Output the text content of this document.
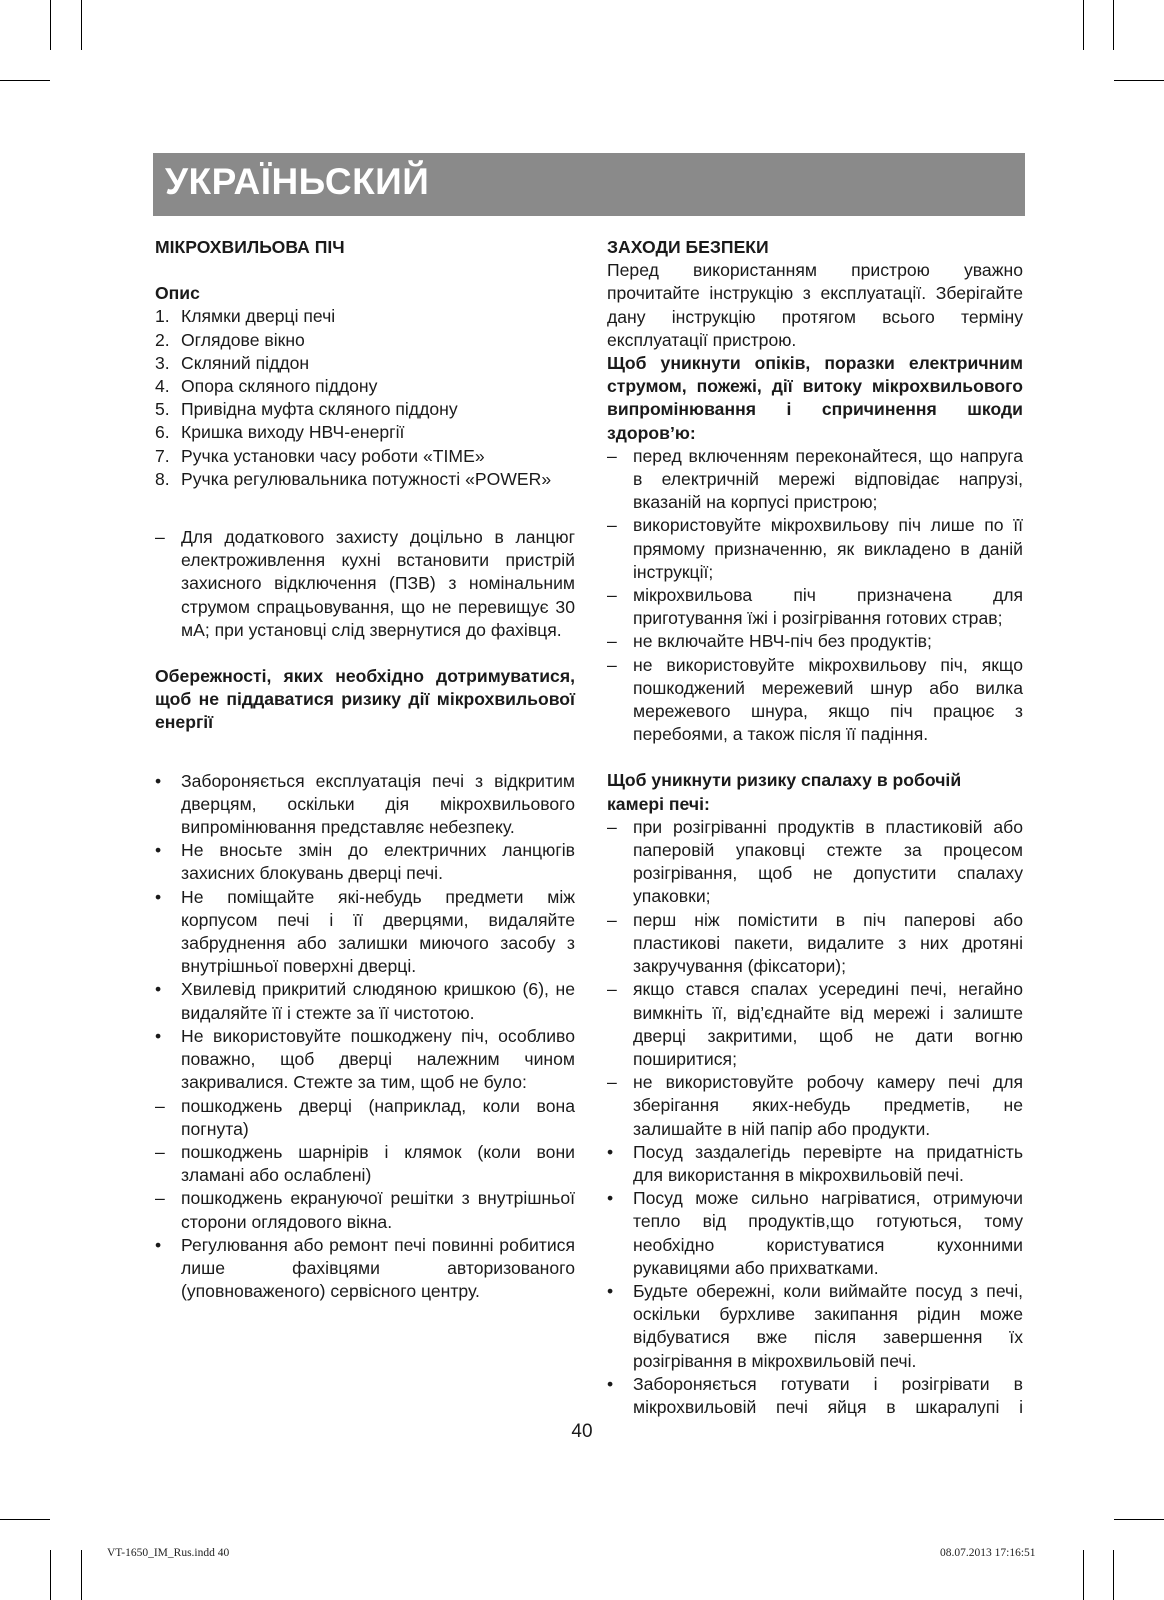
УКРАЇНЬСКИЙ
МІКРОХВИЛЬОВА ПІЧ
Опис
1. Клямки дверці печі
2. Оглядове вікно
3. Скляний піддон
4. Опора скляного піддону
5. Привідна муфта скляного піддону
6. Кришка виходу НВЧ-енергії
7. Ручка установки часу роботи «TIME»
8. Ручка регулювальника потужності «POWER»
– Для додаткового захисту доцільно в ланцюг електроживлення кухні встановити пристрій захисного відключення (ПЗВ) з номінальним струмом спрацьовування, що не перевищує 30 мА; при установці слід звернутися до фахівця.
Обережності, яких необхідно дотримуватися, щоб не піддаватися ризику дії мікрохвильової енергії
•	Забороняється експлуатація печі з відкритим дверцям, оскільки дія мікрохвильового випромінювання представляє небезпеку.
•	Не вносьте змін до електричних ланцюгів захисних блокувань дверці печі.
•	Не поміщайте які-небудь предмети між корпусом печі і її дверцями, видаляйте забруднення або залишки миючого засобу з внутрішньої поверхні дверці.
•	Хвилевід прикритий слюдяною кришкою (6), не видаляйте її і стежте за її чистотою.
•	Не використовуйте пошкоджену піч, особливо поважно, щоб дверці належним чином закривалися. Стежте за тим, щоб не було:
– пошкоджень дверці (наприклад, коли вона погнута)
– пошкоджень шарнірів і клямок (коли вони зламані або ослаблені)
– пошкоджень екрануючої решітки з внутрішньої сторони оглядового вікна.
•	Регулювання або ремонт печі повинні робитися лише фахівцями авторизованого (уповноваженого) сервісного центру.
ЗАХОДИ БЕЗПЕКИ

Перед використанням пристрою уважно прочитайте інструкцію з експлуатації. Зберігайте дану інструкцію протягом всього терміну експлуатації пристрою.

Щоб уникнути опіків, поразки електричним струмом, пожежі, дії витоку мікрохвильового випромінювання і спричинення шкоди здоров’ю:

– перед включенням переконайтеся, що напруга в електричній мережі відповідає напрузі, вказаній на корпусі пристрою;
– використовуйте мікрохвильову піч лише по її прямому призначенню, як викладено в даній інструкції;
– мікрохвильова піч призначена для приготування їжі і розігрівання готових страв;
– не включайте НВЧ-піч без продуктів;
– не використовуйте мікрохвильову піч, якщо пошкоджений мережевий шнур або вилка мережевого шнура, якщо піч працює з перебоями, а також після її падіння.
Щоб уникнути ризику спалаху в робочій камері печі:
– при розігріванні продуктів в пластиковій або паперовій упаковці стежте за процесом розігрівання, щоб не допустити спалаху упаковки;
– перш ніж помістити в піч паперові або пластикові пакети, видалите з них дротяні закручування (фіксатори);
– якщо стався спалах усередині печі, негайно вимкніть її, від’єднайте від мережі і залиште дверці закритими, щоб не дати вогню поширитися;
– не використовуйте робочу камеру печі для зберігання яких-небудь предметів, не залишайте в ній папір або продукти.
•	Посуд заздалегідь перевірте на придатність для використання в мікрохвильовій печі.
•	Посуд може сильно нагріватися, отримуючи тепло від продуктів,що готуються, тому необхідно користуватися кухонними рукавицями або прихватками.
•	Будьте обережні, коли виймайте посуд з печі, оскільки бурхливе закипання рідин може відбуватися вже після завершення їх розігрівання в мікрохвильовій печі.
•	Забороняється готувати і розігрівати в мікрохвильовій печі яйця в шкаралупі і
40
VT-1650_IM_Rus.indd 40	08.07.2013 17:16:51
